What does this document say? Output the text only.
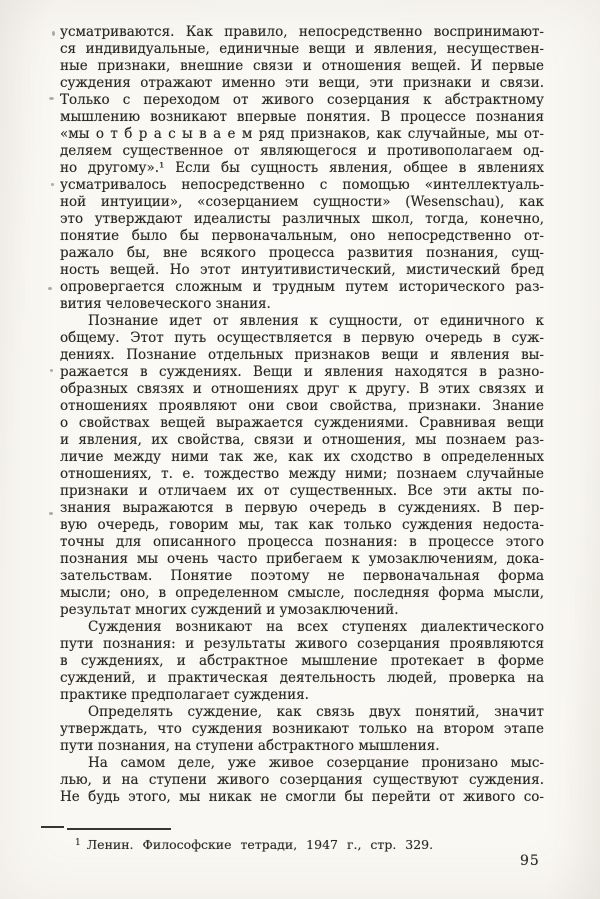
усматриваются. Как правило, непосредственно воспринимают-
ся индивидуальные, единичные вещи и явления, несуществен-
ные признаки, внешние связи и отношения вещей. И первые
суждения отражают именно эти вещи, эти признаки и связи.
Только с переходом от живого созерцания к абстрактному
мышлению возникают впервые понятия. В процессе познания
«мы о т б р а с ы в а е м ряд признаков, как случайные, мы от-
деляем существенное от являющегося и противополагаем од-
но другому».¹ Если бы сущность явления, общее в явлениях
усматривалось непосредственно с помощью «интеллектуаль-
ной интуиции», «созерцанием сущности» (Wesenschau), как
это утверждают идеалисты различных школ, тогда, конечно,
понятие было бы первоначальным, оно непосредственно от-
ражало бы, вне всякого процесса развития познания, сущ-
ность вещей. Но этот интуитивистический, мистический бред
опровергается сложным и трудным путем исторического раз-
вития человеческого знания.
Познание идет от явления к сущности, от единичного к
общему. Этот путь осуществляется в первую очередь в суж-
дениях. Познание отдельных признаков вещи и явления вы-
ражается в суждениях. Вещи и явления находятся в разно-
образных связях и отношениях друг к другу. В этих связях и
отношениях проявляют они свои свойства, признаки. Знание
о свойствах вещей выражается суждениями. Сравнивая вещи
и явления, их свойства, связи и отношения, мы познаем раз-
личие между ними так же, как их сходство в определенных
отношениях, т. е. тождество между ними; познаем случайные
признаки и отличаем их от существенных. Все эти акты по-
знания выражаются в первую очередь в суждениях. В пер-
вую очередь, говорим мы, так как только суждения недоста-
точны для описанного процесса познания: в процессе этого
познания мы очень часто прибегаем к умозаключениям, дока-
зательствам. Понятие поэтому не первоначальная форма
мысли; оно, в определенном смысле, последняя форма мысли,
результат многих суждений и умозаключений.
Суждения возникают на всех ступенях диалектического
пути познания: и результаты живого созерцания проявляются
в суждениях, и абстрактное мышление протекает в форме
суждений, и практическая деятельность людей, проверка на
практике предполагает суждения.
Определять суждение, как связь двух понятий, значит
утверждать, что суждения возникают только на втором этапе
пути познания, на ступени абстрактного мышления.
На самом деле, уже живое созерцание пронизано мыс-
лью, и на ступени живого созерцания существуют суждения.
Не будь этого, мы никак не смогли бы перейти от живого со-
$^1$ Ленин. Философские тетради, 1947 г., стр. 329.
95
